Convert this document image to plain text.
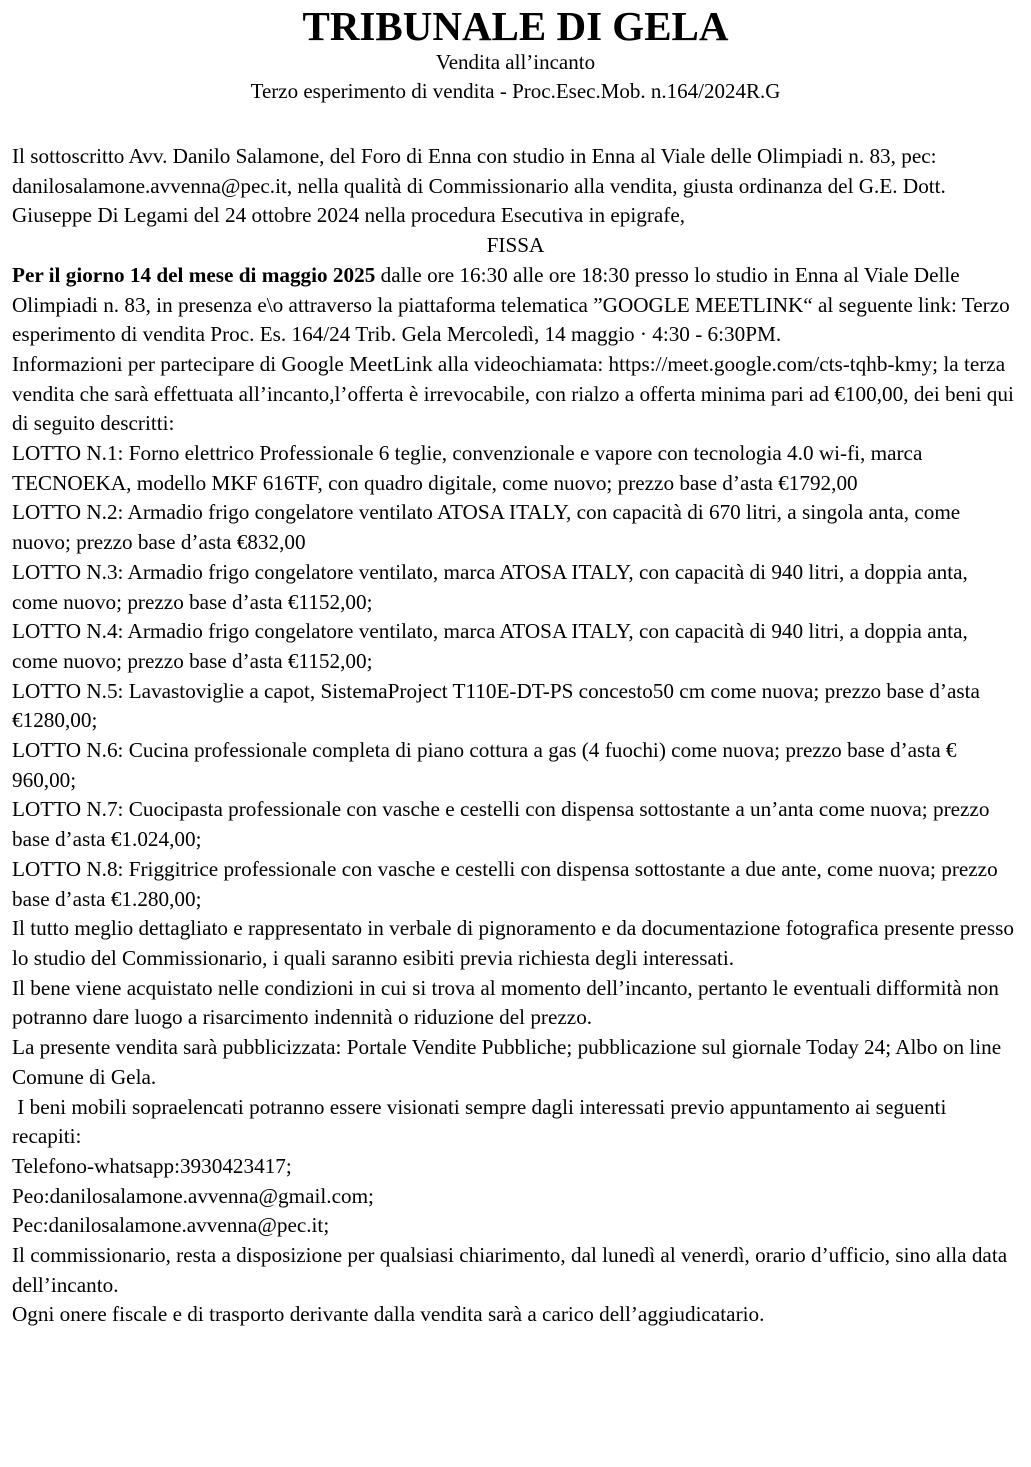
TRIBUNALE DI GELA

Vendita all’incanto

Terzo esperimento di vendita - Proc.Esec.Mob. n.164/2024R.G

Il sottoscritto Avv. Danilo Salamone, del Foro di Enna con studio in Enna al Viale delle Olimpiadi n. 83, pec: danilosalamone.avvenna@pec.it, nella qualità di Commissionario alla vendita, giusta ordinanza del G.E. Dott. Giuseppe Di Legami del 24 ottobre 2024 nella procedura Esecutiva in epigrafe,

FISSA

Per il giorno 14 del mese di maggio 2025 dalle ore 16:30 alle ore 18:30 presso lo studio in Enna al Viale Delle Olimpiadi n. 83, in presenza e\o attraverso la piattaforma telematica ”GOOGLE MEETLINK“ al seguente link: Terzo esperimento di vendita Proc. Es. 164/24 Trib. Gela Mercoledì, 14 maggio · 4:30 - 6:30PM.

Informazioni per partecipare di Google MeetLink alla videochiamata: https://meet.google.com/cts-tqhb-kmy; la terza vendita che sarà effettuata all’incanto,l’offerta è irrevocabile, con rialzo a offerta minima pari ad €100,00, dei beni qui di seguito descritti:

LOTTO N.1: Forno elettrico Professionale 6 teglie, convenzionale e vapore con tecnologia 4.0 wi-fi, marca TECNOEKA, modello MKF 616TF, con quadro digitale, come nuovo; prezzo base d’asta €1792,00

LOTTO N.2: Armadio frigo congelatore ventilato ATOSA ITALY, con capacità di 670 litri, a singola anta, come nuovo; prezzo base d’asta €832,00

LOTTO N.3: Armadio frigo congelatore ventilato, marca ATOSA ITALY, con capacità di 940 litri, a doppia anta, come nuovo; prezzo base d’asta €1152,00;

LOTTO N.4: Armadio frigo congelatore ventilato, marca ATOSA ITALY, con capacità di 940 litri, a doppia anta, come nuovo; prezzo base d’asta €1152,00;

LOTTO N.5: Lavastoviglie a capot, SistemaProject T110E-DT-PS concesto50 cm come nuova; prezzo base d’asta €1280,00;

LOTTO N.6: Cucina professionale completa di piano cottura a gas (4 fuochi) come nuova; prezzo base d’asta € 960,00;

LOTTO N.7: Cuocipasta professionale con vasche e cestelli con dispensa sottostante a un’anta come nuova; prezzo base d’asta €1.024,00;

LOTTO N.8: Friggitrice professionale con vasche e cestelli con dispensa sottostante a due ante, come nuova; prezzo base d’asta €1.280,00;

Il tutto meglio dettagliato e rappresentato in verbale di pignoramento e da documentazione fotografica presente presso lo studio del Commissionario, i quali saranno esibiti previa richiesta degli interessati.

Il bene viene acquistato nelle condizioni in cui si trova al momento dell’incanto, pertanto le eventuali difformità non potranno dare luogo a risarcimento indennità o riduzione del prezzo.

La presente vendita sarà pubblicizzata: Portale Vendite Pubbliche; pubblicazione sul giornale Today 24; Albo on line Comune di Gela.

I beni mobili sopraelencati potranno essere visionati sempre dagli interessati previo appuntamento ai seguenti recapiti:

Telefono-whatsapp:3930423417;

Peo:danilosalamone.avvenna@gmail.com;

Pec:danilosalamone.avvenna@pec.it;

Il commissionario, resta a disposizione per qualsiasi chiarimento, dal lunedì al venerdì, orario d’ufficio, sino alla data dell’incanto.

Ogni onere fiscale e di trasporto derivante dalla vendita sarà a carico dell’aggiudicatario.
